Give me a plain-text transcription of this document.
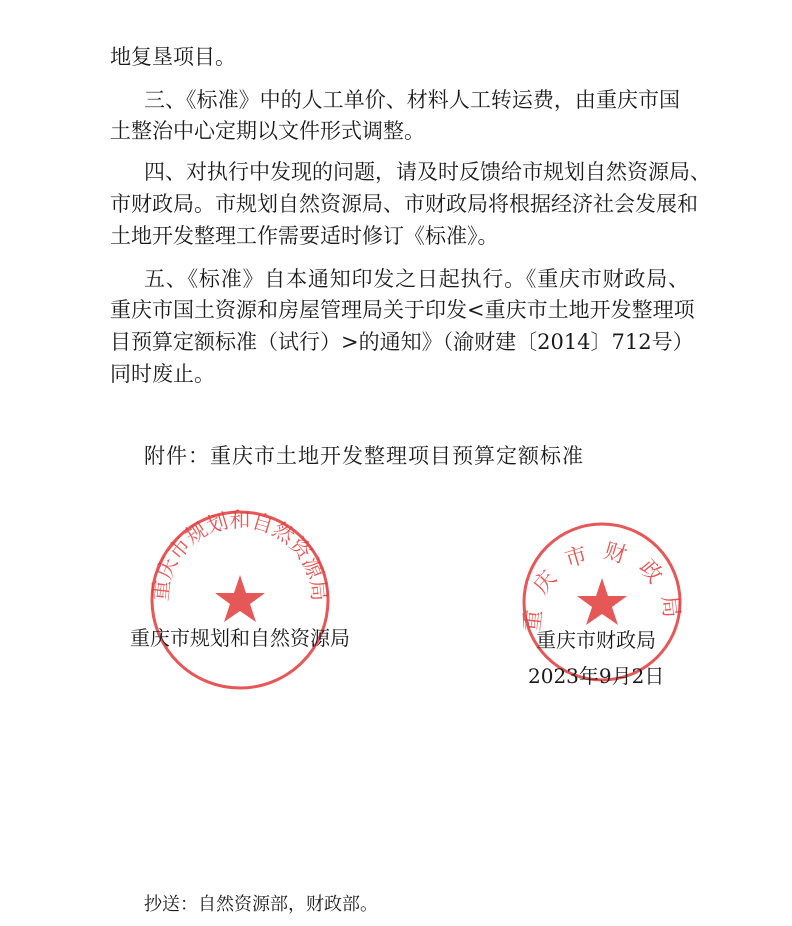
地复垦项目。
三、《标准》中的人工单价、材料人工转运费，由重庆市国
土整治中心定期以文件形式调整。
四、对执行中发现的问题，请及时反馈给市规划自然资源局、
市财政局。市规划自然资源局、市财政局将根据经济社会发展和
土地开发整理工作需要适时修订《标准》。
五、《标准》自本通知印发之日起执行。《重庆市财政局、
重庆市国土资源和房屋管理局关于印发<重庆市土地开发整理项
目预算定额标准（试行）>的通知》（渝财建〔2014〕712号）
同时废止。
附件：重庆市土地开发整理项目预算定额标准
重庆市规划和自然资源局
重庆市财政局
重庆市规划和自然资源局	重庆市财政局
2023年9月2日
抄送：自然资源部，财政部。
